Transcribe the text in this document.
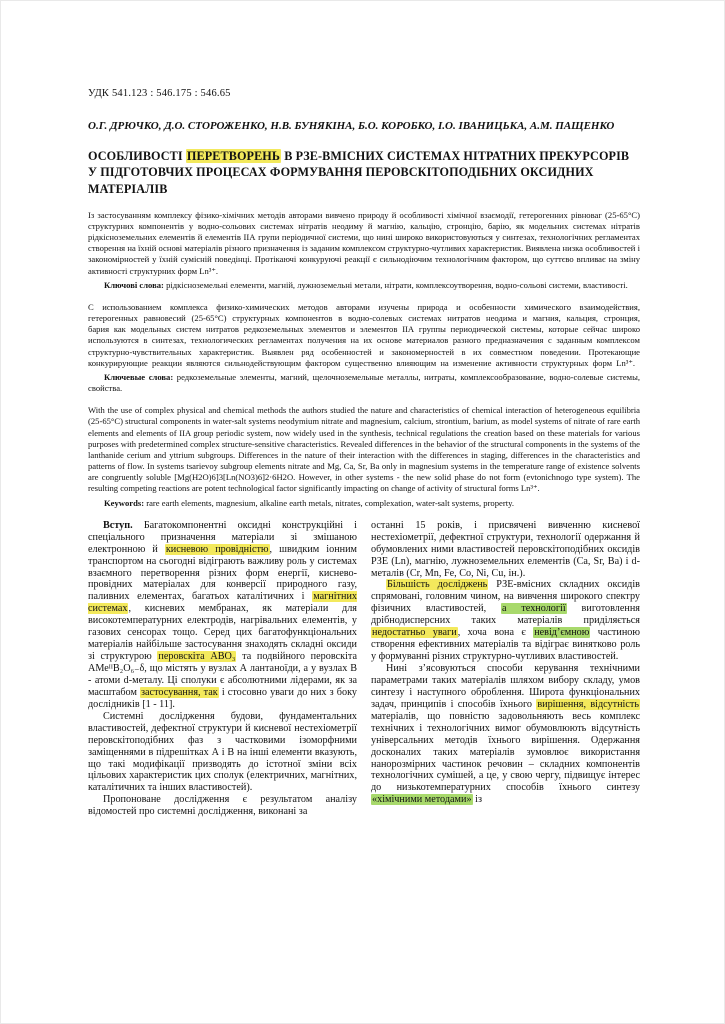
УДК 541.123 : 546.175 : 546.65

О.Г. ДРЮЧКО, Д.О. СТОРОЖЕНКО, Н.В. БУНЯКІНА, Б.О. КОРОБКО, І.О. ІВАНИЦЬКА, А.М. ПАЩЕНКО

ОСОБЛИВОСТІ ПЕРЕТВОРЕНЬ В РЗЕ-ВМІСНИХ СИСТЕМАХ НІТРАТНИХ ПРЕКУРСОРІВ У ПІДГОТОВЧИХ ПРОЦЕСАХ ФОРМУВАННЯ ПЕРОВСКІТОПОДІБНИХ ОКСИДНИХ МАТЕРІАЛІВ

Із застосуванням комплексу фізико-хімічних методів авторами вивчено природу й особливості хімічної взаємодії, гетерогенних рівноваг (25-65°С) структурних компонентів у водно-сольових системах нітратів неодиму й магнію, кальцію, стронцію, барію, як модельних системах нітратів рідкісноземельних елементів й елементів ІІА групи періодичної системи, що нині широко використовуються у синтезах, технологічних регламентах створення на їхній основі матеріалів різного призначення із заданим комплексом структурно-чутливих характеристик. Виявлена низка особливостей і закономірностей у їхній сумісній поведінці. Протікаючі конкуруючі реакції є сильнодіючим технологічним фактором, що суттєво впливає на зміну активності структурних форм Ln³⁺.

Ключові слова: рідкісноземельні елементи, магній, лужноземельні метали, нітрати, комплексоутворення, водно-сольові системи, властивості.

С использованием комплекса физико-химических методов авторами изучены природа и особенности химического взаимодействия, гетерогенных равновесий (25-65°С) структурных компонентов в водно-солевых системах нитратов неодима и магния, кальция, стронция, бария как модельных систем нитратов редкоземельных элементов и элементов ІІА группы периодической системы, которые сейчас широко используются в синтезах, технологических регламентах получения на их основе материалов разного предназначения с заданным комплексом структурно-чувствительных характеристик. Выявлен ряд особенностей и закономерностей в их совместном поведении. Протекающие конкурирующие реакции являются сильнодействующим фактором существенно влияющим на изменение активности структурных форм Ln³⁺.

Ключевые слова: редкоземельные элементы, магний, щелочноземельные металлы, нитраты, комплексообразование, водно-солевые системы, свойства.

With the use of complex physical and chemical methods the authors studied the nature and characteristics of chemical interaction of heterogeneous equilibria (25-65°С) structural components in water-salt systems neodymium nitrate and magnesium, calcium, strontium, barium, as model systems of nitrate of rare earth elements and elements of IIA group periodic system, now widely used in the synthesis, technical regulations the creation based on these materials for various purposes with predetermined complex structure-sensitive characteristics. Revealed differences in the behavior of the structural components in the systems of the lanthanide cerium and yttrium subgroups. Differences in the nature of their interaction with the differences in staging, differences in the characteristics and patterns of flow. In systems tsarievoy subgroup elements nitrate and Mg, Ca, Sr, Ba only in magnesium systems in the temperature range of existence solvents are congruently soluble [Mg(H2O)6]3[Ln(NO3)6]2·6H2O. However, in other systems - the new solid phase do not form (evtonichnogo type system). The resulting competing reactions are potent technological factor significantly impacting on change of activity of structural forms Ln³⁺.

Keywords: rare earth elements, magnesium, alkaline earth metals, nitrates, complexation, water-salt systems, property.

Вступ. Багатокомпонентні оксидні конструкційні і спеціального призначення матеріали зі змішаною електронною й кисневою провідністю, швидким іонним транспортом на сьогодні відіграють важливу роль у системах взаємного перетворення різних форм енергії, киснево-провідних матеріалах для конверсії природного газу, паливних елементах, багатьох каталітичних і магнітних системах, кисневих мембранах, як матеріали для високотемпературних електродів, нагрівальних елементів, у газових сенсорах тощо. Серед цих багатофункціональних матеріалів найбільше застосування знаходять складні оксиди зі структурою перовскіта АВО₃ та подвійного перовскіта АМеᴵᴵВ₂О₆₋δ, що містять у вузлах А лантаноїди, а у вузлах В - атоми d-металу. Ці сполуки є абсолютними лідерами, як за масштабом застосування, так і стосовно уваги до них з боку дослідників [1 - 11].

Системні дослідження будови, фундаментальних властивостей, дефектної структури й кисневої нестехіометрії перовскітоподібних фаз з частковими ізоморфними заміщеннями в підрешітках А і В на інші елементи вказують, що такі модифікації призводять до істотної зміни всіх цільових характеристик цих сполук (електричних, магнітних, каталітичних та інших властивостей).

Пропоноване дослідження є результатом аналізу відомостей про системні дослідження, виконані за

останні 15 років, і присвячені вивченню кисневої нестехіометрії, дефектної структури, технології одержання й обумовлених ними властивостей перовскітоподібних оксидів РЗЕ (Ln), магнію, лужноземельних елементів (Ca, Sr, Ba) і d-металів (Cr, Mn, Fe, Co, Ni, Cu, ін.).

Більшість досліджень РЗЕ-вмісних складних оксидів спрямовані, головним чином, на вивчення широкого спектру фізичних властивостей, а технології виготовлення дрібнодисперсних таких матеріалів приділяється недостатньо уваги, хоча вона є невід’ємною частиною створення ефективних матеріалів та відіграє винятково роль у формуванні різних структурно-чутливих властивостей.

Нині з’ясовуються способи керування технічними параметрами таких матеріалів шляхом вибору складу, умов синтезу і наступного оброблення. Широта функціональних задач, принципів і способів їхнього вирішення, відсутність матеріалів, що повністю задовольняють весь комплекс технічних і технологічних вимог обумовлюють відсутність універсальних методів їхнього вирішення. Одержання досконалих таких матеріалів зумовлює використання нанорозмірних частинок речовин – складних компонентів технологічних сумішей, а це, у свою чергу, підвищує інтерес до низькотемпературних способів їхнього синтезу «хімічними методами» із
